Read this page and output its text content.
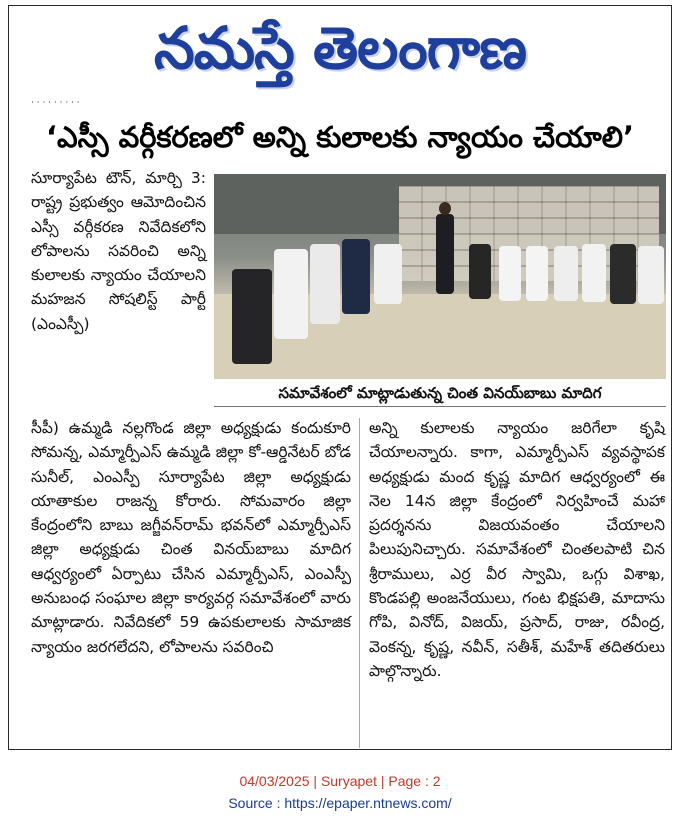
నమస్తే తెలంగాణ
· · · · · · · · ·
‘ఎస్సీ వర్గీకరణలో అన్ని కులాలకు న్యాయం చేయాలి’

సూర్యాపేట టౌన్, మార్చి 3: రాష్ట్ర ప్రభుత్వం ఆమోదించిన ఎస్సీ వర్గీకరణ నివేదికలోని లోపాలను సవరించి అన్ని కులాలకు న్యాయం చేయాలని మహజన సోషలిస్ట్ పార్టీ (ఎంఎస్పీ)

సమావేశంలో మాట్లాడుతున్న చింత వినయ్‌బాబు మాదిగ

సీపీ) ఉమ్మడి నల్లగొండ జిల్లా అధ్యక్షుడు కందుకూరి సోమన్న, ఎమ్మార్పీఎస్ ఉమ్మడి జిల్లా కో-ఆర్డినేటర్ బోడ సునీల్, ఎంఎస్పీ సూర్యాపేట జిల్లా అధ్యక్షుడు యాతాకుల రాజన్న కోరారు. సోమవారం జిల్లా కేంద్రంలోని బాబు జగ్జీవన్‌రామ్ భవన్‌లో ఎమ్మార్పీఎస్ జిల్లా అధ్యక్షుడు చింత వినయ్‌బాబు మాదిగ ఆధ్వర్యంలో ఏర్పాటు చేసిన ఎమ్మార్పీఎస్, ఎంఎస్పీ అనుబంధ సంఘాల జిల్లా కార్యవర్గ సమావేశంలో వారు మాట్లాడారు. నివేదికలో 59 ఉపకులాలకు సామాజిక న్యాయం జరగలేదని, లోపాలను సవరించి

అన్ని కులాలకు న్యాయం జరిగేలా కృషి చేయాలన్నారు. కాగా, ఎమ్మార్పీఎస్ వ్యవస్థాపక అధ్యక్షుడు మంద కృష్ణ మాదిగ ఆధ్వర్యంలో ఈ నెల 14న జిల్లా కేంద్రంలో నిర్వహించే మహా ప్రదర్శనను విజయవంతం చేయాలని పిలుపునిచ్చారు. సమావేశంలో చింతలపాటి చిన శ్రీరాములు, ఎర్ర వీర స్వామి, ఒగ్గు విశాఖ, కొండపల్లి అంజనేయులు, గంట భిక్షపతి, మాదాసు గోపి, వినోద్, విజయ్, ప్రసాద్, రాజు, రవీంద్ర, వెంకన్న, కృష్ణ, నవీన్, సతీశ్, మహేశ్ తదితరులు పాల్గొన్నారు.

04/03/2025 | Suryapet | Page : 2
Source : https://epaper.ntnews.com/
